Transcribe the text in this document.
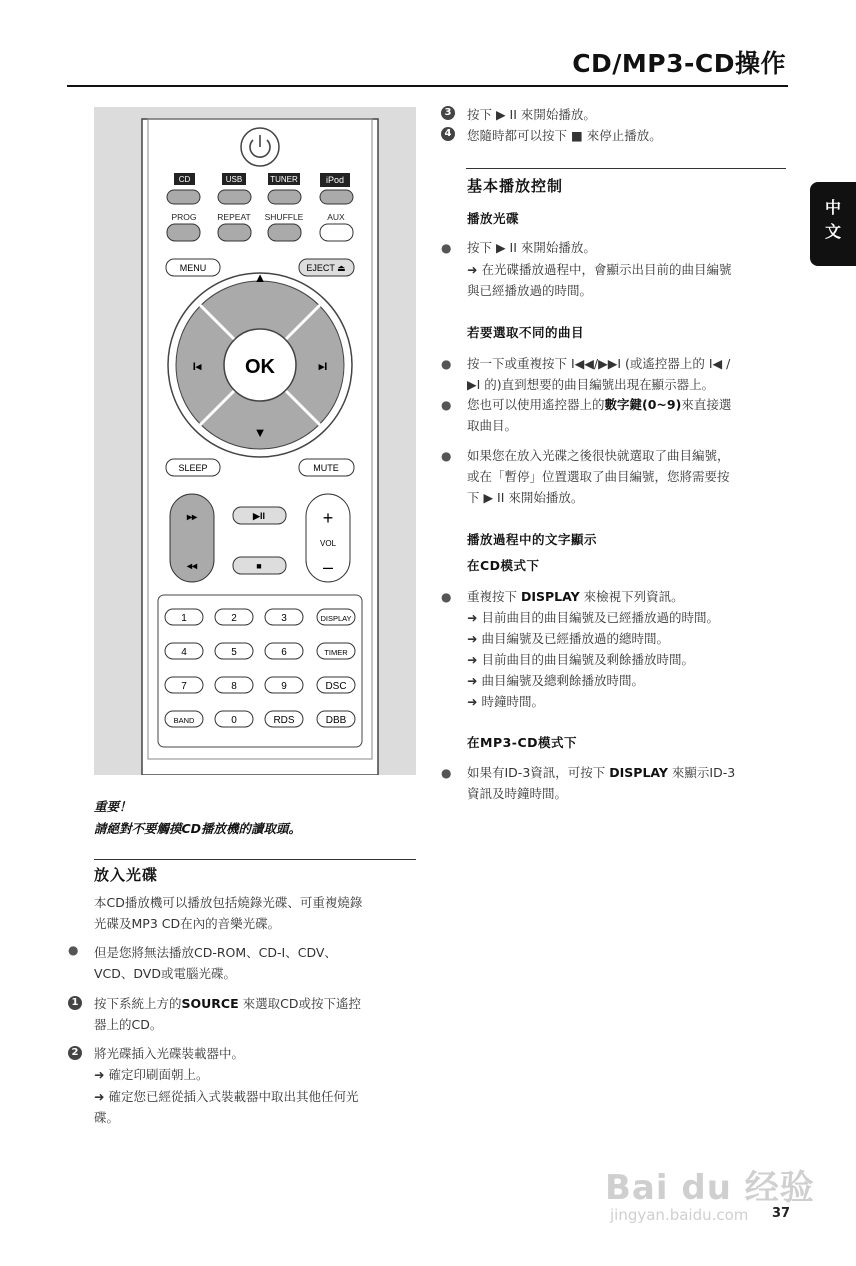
CD/MP3-CD操作
中文
CD	USB	TUNER	iPod
PROG REPEAT SHUFFLE	AUX
MENU	EJECT ⏏
OK
▲
▼
I◂	▸I
SLEEP	MUTE
▸▸
◂◂
▶II
■
+
VOL
–
1	2	3	DISPLAY
4	5	6	TIMER
7	8	9	DSC
BAND	0	RDS	DBB
重要！
請絕對不要觸摸CD播放機的讀取頭。
放入光碟
本CD播放機可以播放包括燒錄光碟、可重複燒錄
光碟及MP3 CD在內的音樂光碟。
● 但是您將無法播放CD-ROM、CD-I、CDV、
VCD、DVD或電腦光碟。
1 按下系統上方的SOURCE 來選取CD或按下遙控
器上的CD。
2 將光碟插入光碟裝載器中。
➜ 確定印刷面朝上。
➜ 確定您已經從插入式裝載器中取出其他任何光
碟。
3 按下 ▶ II 來開始播放。
4 您隨時都可以按下 ■ 來停止播放。
基本播放控制
播放光碟
● 按下 ▶ II 來開始播放。
➜ 在光碟播放過程中，會顯示出目前的曲目編號
與已經播放過的時間。
若要選取不同的曲目
● 按一下或重複按下 I◀◀/▶▶I (或遙控器上的 I◀ /
▶I 的)直到想要的曲目編號出現在顯示器上。
● 您也可以使用遙控器上的數字鍵(0~9)來直接選
取曲目。
● 如果您在放入光碟之後很快就選取了曲目編號，
或在「暫停」位置選取了曲目編號，您將需要按
下 ▶ II 來開始播放。
播放過程中的文字顯示
在CD模式下
● 重複按下 DISPLAY 來檢視下列資訊。
➜ 目前曲目的曲目編號及已經播放過的時間。
➜ 曲目編號及已經播放過的總時間。
➜ 目前曲目的曲目編號及剩餘播放時間。
➜ 曲目編號及總剩餘播放時間。
➜ 時鐘時間。
在MP3-CD模式下
● 如果有ID-3資訊，可按下 DISPLAY 來顯示ID-3
資訊及時鐘時間。
Bai du 经验
jingyan.baidu.com 37
